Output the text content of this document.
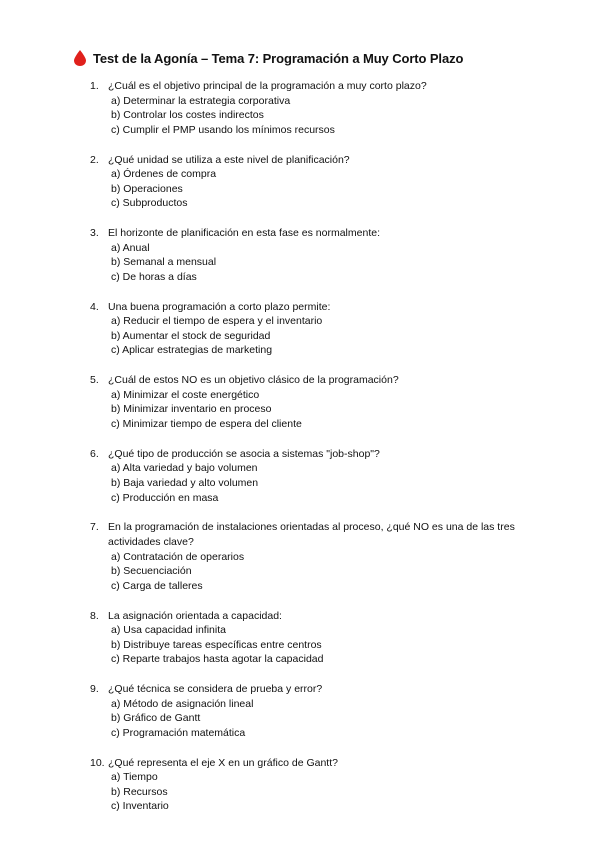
Test de la Agonía – Tema 7: Programación a Muy Corto Plazo
1. ¿Cuál es el objetivo principal de la programación a muy corto plazo?
a) Determinar la estrategia corporativa
b) Controlar los costes indirectos
c) Cumplir el PMP usando los mínimos recursos
2. ¿Qué unidad se utiliza a este nivel de planificación?
a) Órdenes de compra
b) Operaciones
c) Subproductos
3. El horizonte de planificación en esta fase es normalmente:
a) Anual
b) Semanal a mensual
c) De horas a días
4. Una buena programación a corto plazo permite:
a) Reducir el tiempo de espera y el inventario
b) Aumentar el stock de seguridad
c) Aplicar estrategias de marketing
5. ¿Cuál de estos NO es un objetivo clásico de la programación?
a) Minimizar el coste energético
b) Minimizar inventario en proceso
c) Minimizar tiempo de espera del cliente
6. ¿Qué tipo de producción se asocia a sistemas "job-shop"?
a) Alta variedad y bajo volumen
b) Baja variedad y alto volumen
c) Producción en masa
7. En la programación de instalaciones orientadas al proceso, ¿qué NO es una de las tres actividades clave?
a) Contratación de operarios
b) Secuenciación
c) Carga de talleres
8. La asignación orientada a capacidad:
a) Usa capacidad infinita
b) Distribuye tareas específicas entre centros
c) Reparte trabajos hasta agotar la capacidad
9. ¿Qué técnica se considera de prueba y error?
a) Método de asignación lineal
b) Gráfico de Gantt
c) Programación matemática
10. ¿Qué representa el eje X en un gráfico de Gantt?
a) Tiempo
b) Recursos
c) Inventario
